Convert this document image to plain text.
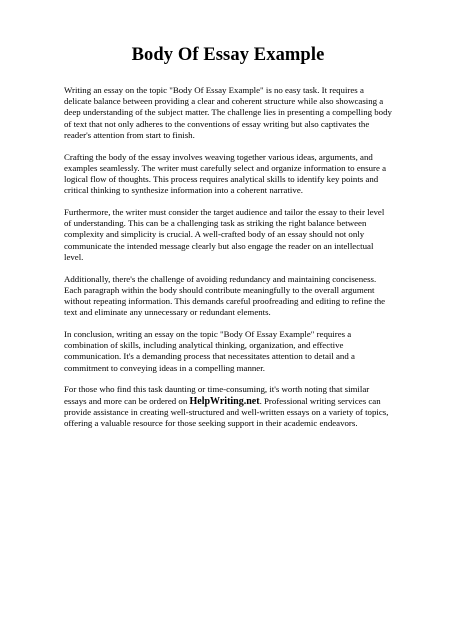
Body Of Essay Example

Writing an essay on the topic "Body Of Essay Example" is no easy task. It requires a delicate balance between providing a clear and coherent structure while also showcasing a deep understanding of the subject matter. The challenge lies in presenting a compelling body of text that not only adheres to the conventions of essay writing but also captivates the reader's attention from start to finish.

Crafting the body of the essay involves weaving together various ideas, arguments, and examples seamlessly. The writer must carefully select and organize information to ensure a logical flow of thoughts. This process requires analytical skills to identify key points and critical thinking to synthesize information into a coherent narrative.

Furthermore, the writer must consider the target audience and tailor the essay to their level of understanding. This can be a challenging task as striking the right balance between complexity and simplicity is crucial. A well-crafted body of an essay should not only communicate the intended message clearly but also engage the reader on an intellectual level.

Additionally, there's the challenge of avoiding redundancy and maintaining conciseness. Each paragraph within the body should contribute meaningfully to the overall argument without repeating information. This demands careful proofreading and editing to refine the text and eliminate any unnecessary or redundant elements.

In conclusion, writing an essay on the topic "Body Of Essay Example" requires a combination of skills, including analytical thinking, organization, and effective communication. It's a demanding process that necessitates attention to detail and a commitment to conveying ideas in a compelling manner.

For those who find this task daunting or time-consuming, it's worth noting that similar essays and more can be ordered on HelpWriting.net. Professional writing services can provide assistance in creating well-structured and well-written essays on a variety of topics, offering a valuable resource for those seeking support in their academic endeavors.
